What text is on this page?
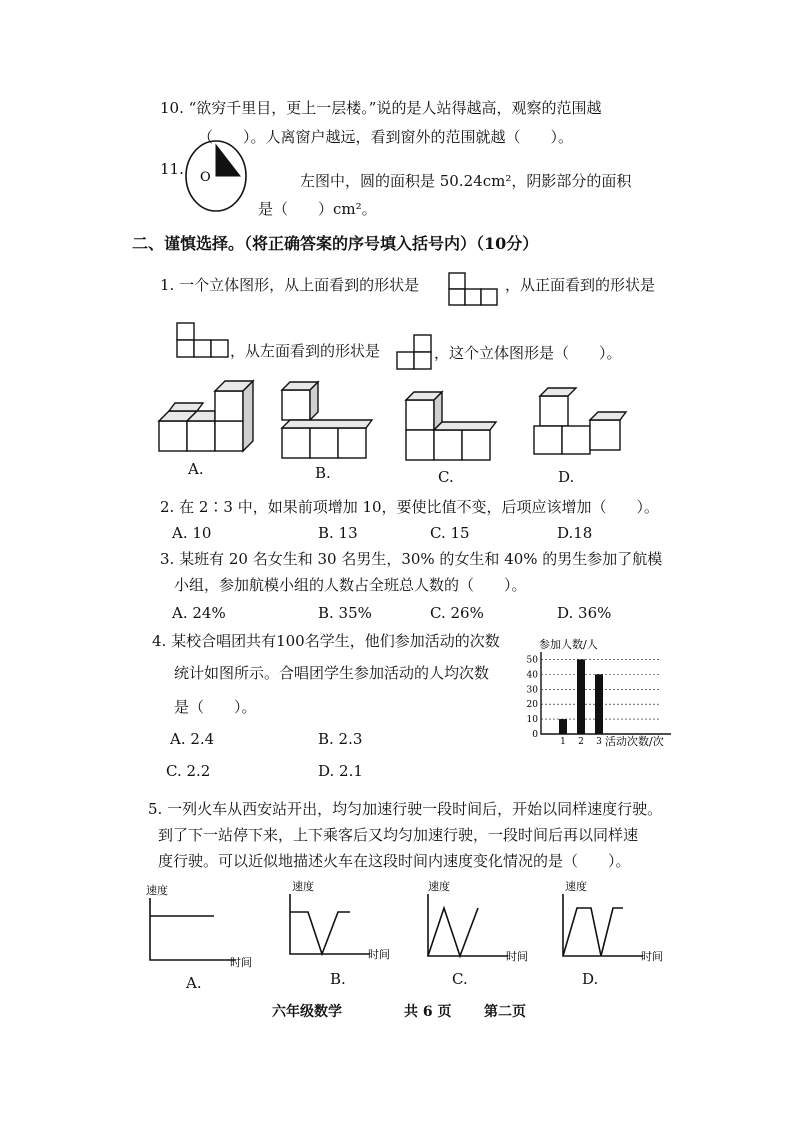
10. “欲穷千里目，更上一层楼。”说的是人站得越高，观察的范围越
（　　）。人离窗户越远，看到窗外的范围就越（　　）。
11. O	左图中，圆的面积是 50.24cm²，阴影部分的面积
是（　　）cm²。
二、谨慎选择。（将正确答案的序号填入括号内）（10分）
1. 一个立体图形，从上面看到的形状是	，从正面看到的形状是
，从左面看到的形状是	，这个立体图形是（　　）。
A.	B.	C.	D.
2. 在 2∶3 中，如果前项增加 10，要使比值不变，后项应该增加（　　）。
A. 10	B. 13	C. 15	D.18
3. 某班有 20 名女生和 30 名男生，30% 的女生和 40% 的男生参加了航模
小组，参加航模小组的人数占全班总人数的（　　）。
A. 24%	B. 35%	C. 26%	D. 36%
4. 某校合唱团共有100名学生，他们参加活动的次数
统计如图所示。合唱团学生参加活动的人均次数
是（　　）。
A. 2.4	B. 2.3
C. 2.2	D. 2.1
参加人数/人
0
10
20
30
40
50
1 2 3 活动次数/次
5. 一列火车从西安站开出，均匀加速行驶一段时间后，开始以同样速度行驶。
到了下一站停下来，上下乘客后又均匀加速行驶，一段时间后再以同样速
度行驶。可以近似地描述火车在这段时间内速度变化情况的是（　　）。
速度
时间
A.
速度
时间
B.
速度
时间
C.
速度
时间
D.
六年级数学	共 6 页 第二页
